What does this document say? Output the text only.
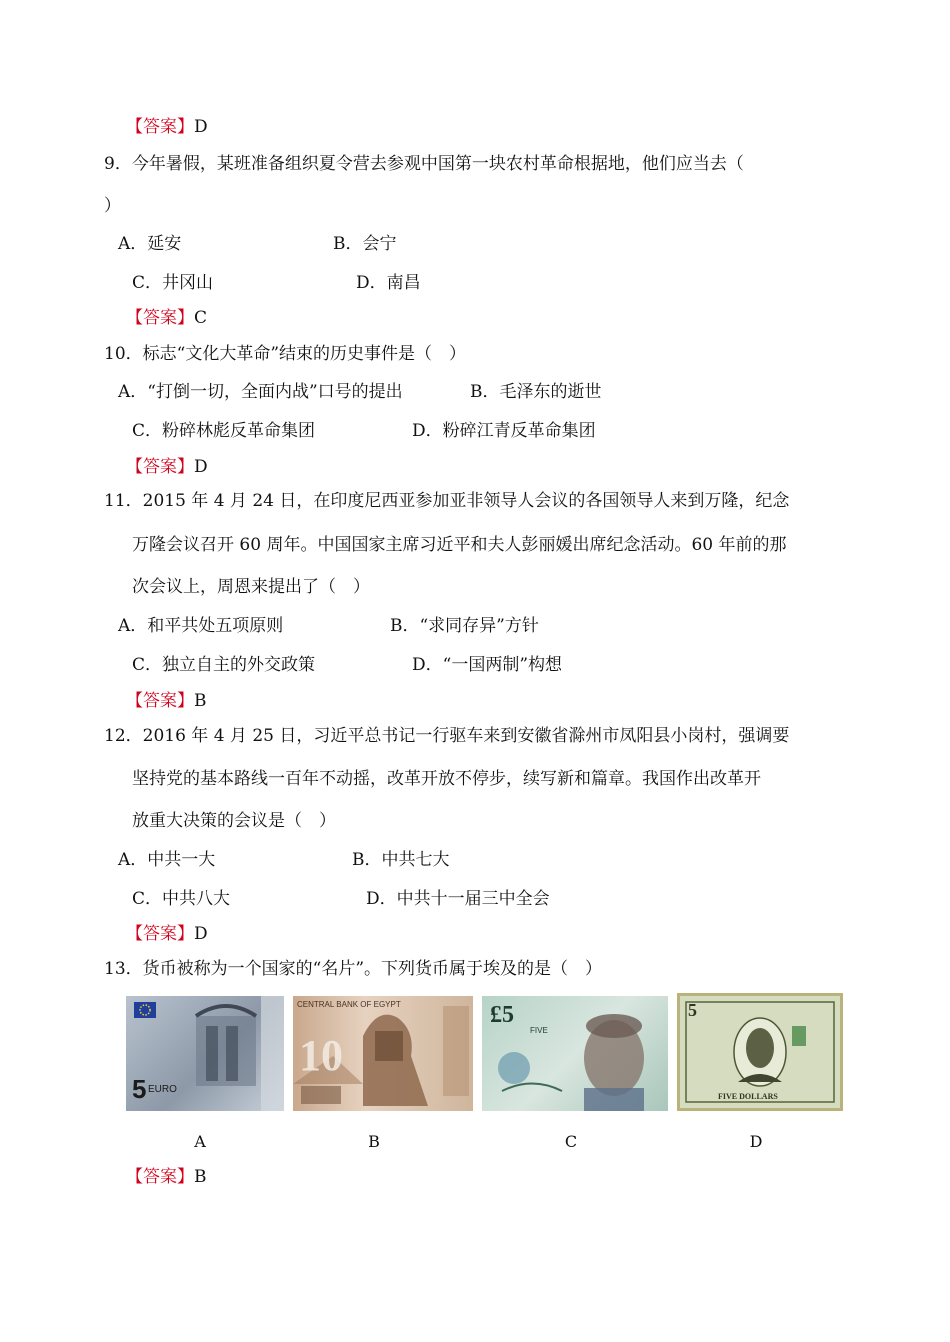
【答案】D
9．今年暑假，某班准备组织夏令营去参观中国第一块农村革命根据地，他们应当去（
）
A．延安	B．会宁
C．井冈山	D．南昌
【答案】C
10．标志“文化大革命”结束的历史事件是（　）
A．“打倒一切，全面内战”口号的提出	B．毛泽东的逝世
C．粉碎林彪反革命集团	D．粉碎江青反革命集团
【答案】D
11．2015 年 4 月 24 日，在印度尼西亚参加亚非领导人会议的各国领导人来到万隆，纪念
万隆会议召开 60 周年。中国国家主席习近平和夫人彭丽媛出席纪念活动。60 年前的那
次会议上，周恩来提出了（　）
A．和平共处五项原则	B．“求同存异”方针
C．独立自主的外交政策	D．“一国两制”构想
【答案】B
12．2016 年 4 月 25 日，习近平总书记一行驱车来到安徽省滁州市凤阳县小岗村，强调要
坚持党的基本路线一百年不动摇，改革开放不停步，续写新和篇章。我国作出改革开
放重大决策的会议是（　）
A．中共一大	B．中共七大
C．中共八大	D．中共十一届三中全会
【答案】D
13．货币被称为一个国家的“名片”。下列货币属于埃及的是（　）
5 EURO
A
CENTRAL BANK OF EGYPT
10
B
£5
FIVE
C
5
FIVE DOLLARS
D
【答案】B
